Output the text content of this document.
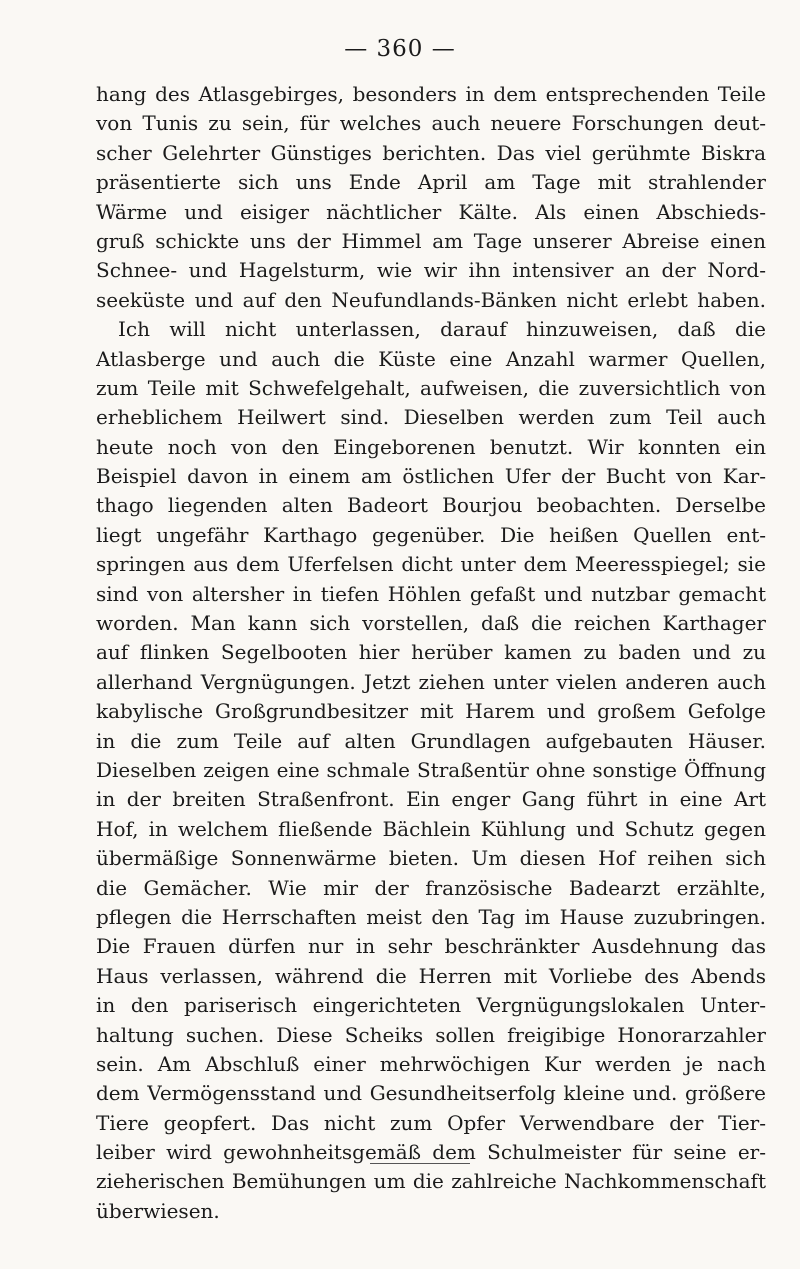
— 360 —
hang des Atlasgebirges, besonders in dem entsprechenden Teile
von Tunis zu sein, für welches auch neuere Forschungen deut-
scher Gelehrter Günstiges berichten. Das viel gerühmte Biskra
präsentierte sich uns Ende April am Tage mit strahlender
Wärme und eisiger nächtlicher Kälte. Als einen Abschieds-
gruß schickte uns der Himmel am Tage unserer Abreise einen
Schnee- und Hagelsturm, wie wir ihn intensiver an der Nord-
seeküste und auf den Neufundlands-Bänken nicht erlebt haben.
Ich will nicht unterlassen, darauf hinzuweisen, daß die
Atlasberge und auch die Küste eine Anzahl warmer Quellen,
zum Teile mit Schwefelgehalt, aufweisen, die zuversichtlich von
erheblichem Heilwert sind. Dieselben werden zum Teil auch
heute noch von den Eingeborenen benutzt. Wir konnten ein
Beispiel davon in einem am östlichen Ufer der Bucht von Kar-
thago liegenden alten Badeort Bourjou beobachten. Derselbe
liegt ungefähr Karthago gegenüber. Die heißen Quellen ent-
springen aus dem Uferfelsen dicht unter dem Meeresspiegel; sie
sind von altersher in tiefen Höhlen gefaßt und nutzbar gemacht
worden. Man kann sich vorstellen, daß die reichen Karthager
auf flinken Segelbooten hier herüber kamen zu baden und zu
allerhand Vergnügungen. Jetzt ziehen unter vielen anderen auch
kabylische Großgrundbesitzer mit Harem und großem Gefolge
in die zum Teile auf alten Grundlagen aufgebauten Häuser.
Dieselben zeigen eine schmale Straßentür ohne sonstige Öffnung
in der breiten Straßenfront. Ein enger Gang führt in eine Art
Hof, in welchem fließende Bächlein Kühlung und Schutz gegen
übermäßige Sonnenwärme bieten. Um diesen Hof reihen sich
die Gemächer. Wie mir der französische Badearzt erzählte,
pflegen die Herrschaften meist den Tag im Hause zuzubringen.
Die Frauen dürfen nur in sehr beschränkter Ausdehnung das
Haus verlassen, während die Herren mit Vorliebe des Abends
in den pariserisch eingerichteten Vergnügungslokalen Unter-
haltung suchen. Diese Scheiks sollen freigibige Honorarzahler
sein. Am Abschluß einer mehrwöchigen Kur werden je nach
dem Vermögensstand und Gesundheitserfolg kleine und. größere
Tiere geopfert. Das nicht zum Opfer Verwendbare der Tier-
leiber wird gewohnheitsgemäß dem Schulmeister für seine er-
zieherischen Bemühungen um die zahlreiche Nachkommenschaft
überwiesen.
